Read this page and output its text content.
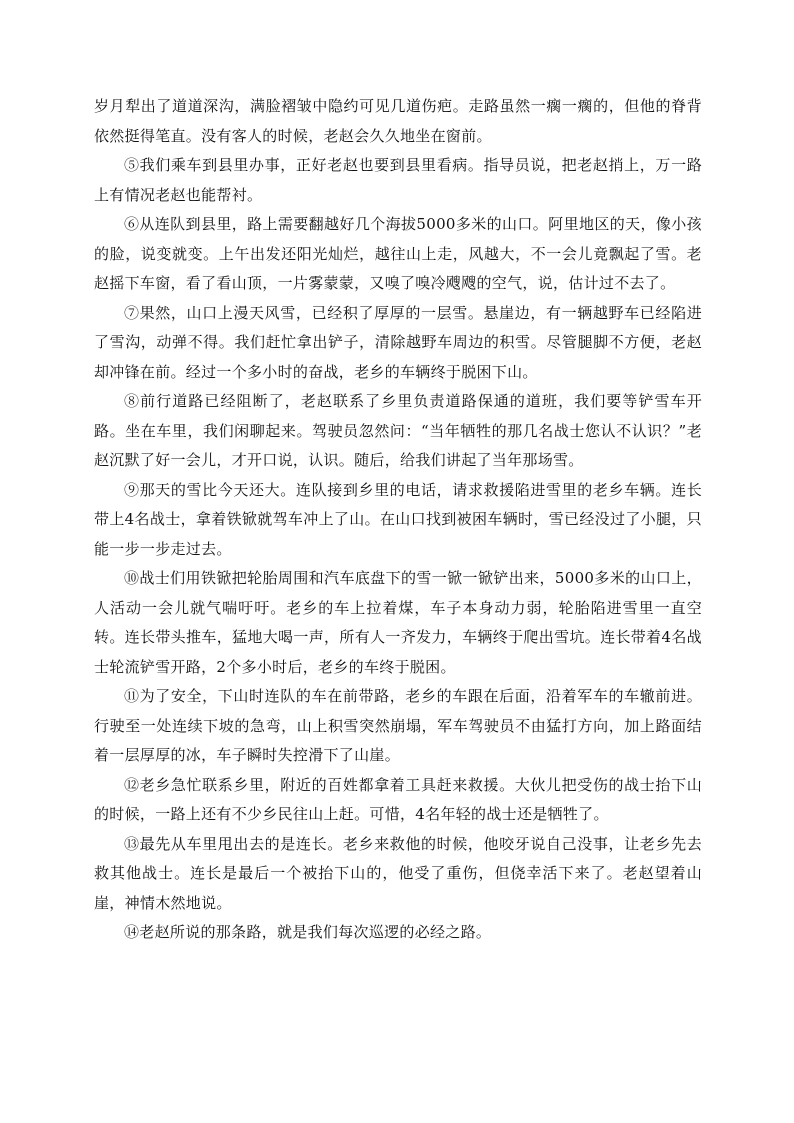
岁月犁出了道道深沟，满脸褶皱中隐约可见几道伤疤。走路虽然一瘸一瘸的，但他的脊背依然挺得笔直。没有客人的时候，老赵会久久地坐在窗前。

⑤我们乘车到县里办事，正好老赵也要到县里看病。指导员说，把老赵捎上，万一路上有情况老赵也能帮衬。

⑥从连队到县里，路上需要翻越好几个海拔5000多米的山口。阿里地区的天，像小孩的脸，说变就变。上午出发还阳光灿烂，越往山上走，风越大，不一会儿竟飘起了雪。老赵摇下车窗，看了看山顶，一片雾蒙蒙，又嗅了嗅冷飕飕的空气，说，估计过不去了。

⑦果然，山口上漫天风雪，已经积了厚厚的一层雪。悬崖边，有一辆越野车已经陷进了雪沟，动弹不得。我们赶忙拿出铲子，清除越野车周边的积雪。尽管腿脚不方便，老赵却冲锋在前。经过一个多小时的奋战，老乡的车辆终于脱困下山。

⑧前行道路已经阻断了，老赵联系了乡里负责道路保通的道班，我们要等铲雪车开路。坐在车里，我们闲聊起来。驾驶员忽然问：“当年牺牲的那几名战士您认不认识？”老赵沉默了好一会儿，才开口说，认识。随后，给我们讲起了当年那场雪。

⑨那天的雪比今天还大。连队接到乡里的电话，请求救援陷进雪里的老乡车辆。连长带上4名战士，拿着铁锨就驾车冲上了山。在山口找到被困车辆时，雪已经没过了小腿，只能一步一步走过去。

⑩战士们用铁锨把轮胎周围和汽车底盘下的雪一锨一锨铲出来，5000多米的山口上，人活动一会儿就气喘吁吁。老乡的车上拉着煤，车子本身动力弱，轮胎陷进雪里一直空转。连长带头推车，猛地大喝一声，所有人一齐发力，车辆终于爬出雪坑。连长带着4名战士轮流铲雪开路，2个多小时后，老乡的车终于脱困。

⑪为了安全，下山时连队的车在前带路，老乡的车跟在后面，沿着军车的车辙前进。行驶至一处连续下坡的急弯，山上积雪突然崩塌，军车驾驶员不由猛打方向，加上路面结着一层厚厚的冰，车子瞬时失控滑下了山崖。

⑫老乡急忙联系乡里，附近的百姓都拿着工具赶来救援。大伙儿把受伤的战士抬下山的时候，一路上还有不少乡民往山上赶。可惜，4名年轻的战士还是牺牲了。

⑬最先从车里甩出去的是连长。老乡来救他的时候，他咬牙说自己没事，让老乡先去救其他战士。连长是最后一个被抬下山的，他受了重伤，但侥幸活下来了。老赵望着山崖，神情木然地说。

⑭老赵所说的那条路，就是我们每次巡逻的必经之路。
